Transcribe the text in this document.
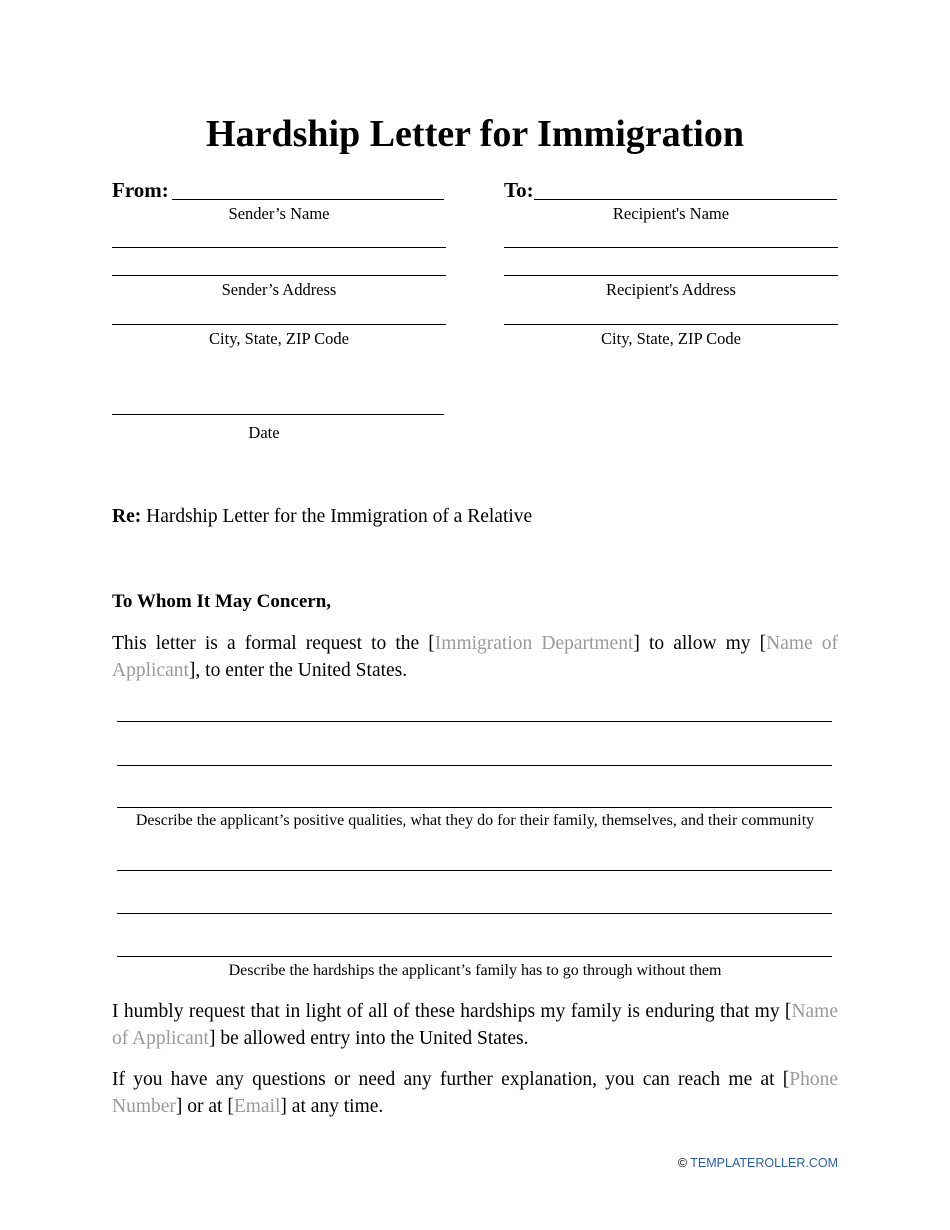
Hardship Letter for Immigration
From:
Sender’s Name
To:
Recipient's Name
Sender’s Address
City, State, ZIP Code
Recipient's Address
City, State, ZIP Code
Date
Re: Hardship Letter for the Immigration of a Relative
To Whom It May Concern,
This letter is a formal request to the [Immigration Department] to allow my [Name of Applicant], to enter the United States.
Describe the applicant’s positive qualities, what they do for their family, themselves, and their community
Describe the hardships the applicant’s family has to go through without them
I humbly request that in light of all of these hardships my family is enduring that my [Name of Applicant] be allowed entry into the United States.
If you have any questions or need any further explanation, you can reach me at [Phone Number] or at [Email] at any time.
© TEMPLATEROLLER.COM
